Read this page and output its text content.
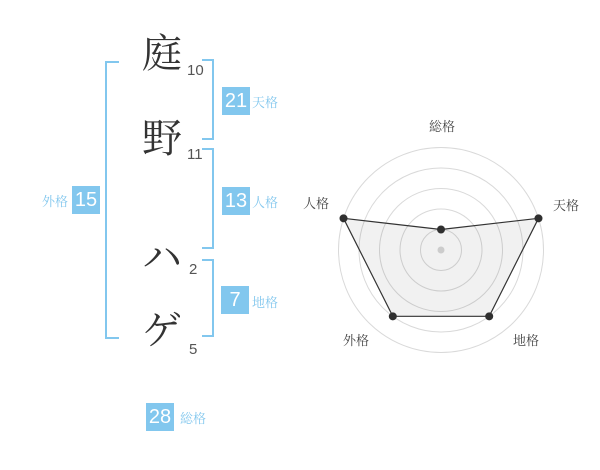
庭
野
ハ
ゲ
10
11
2
5
21 天格
13 人格
7 地格
15
外格
28 総格
総格
天格
地格
外格
人格
